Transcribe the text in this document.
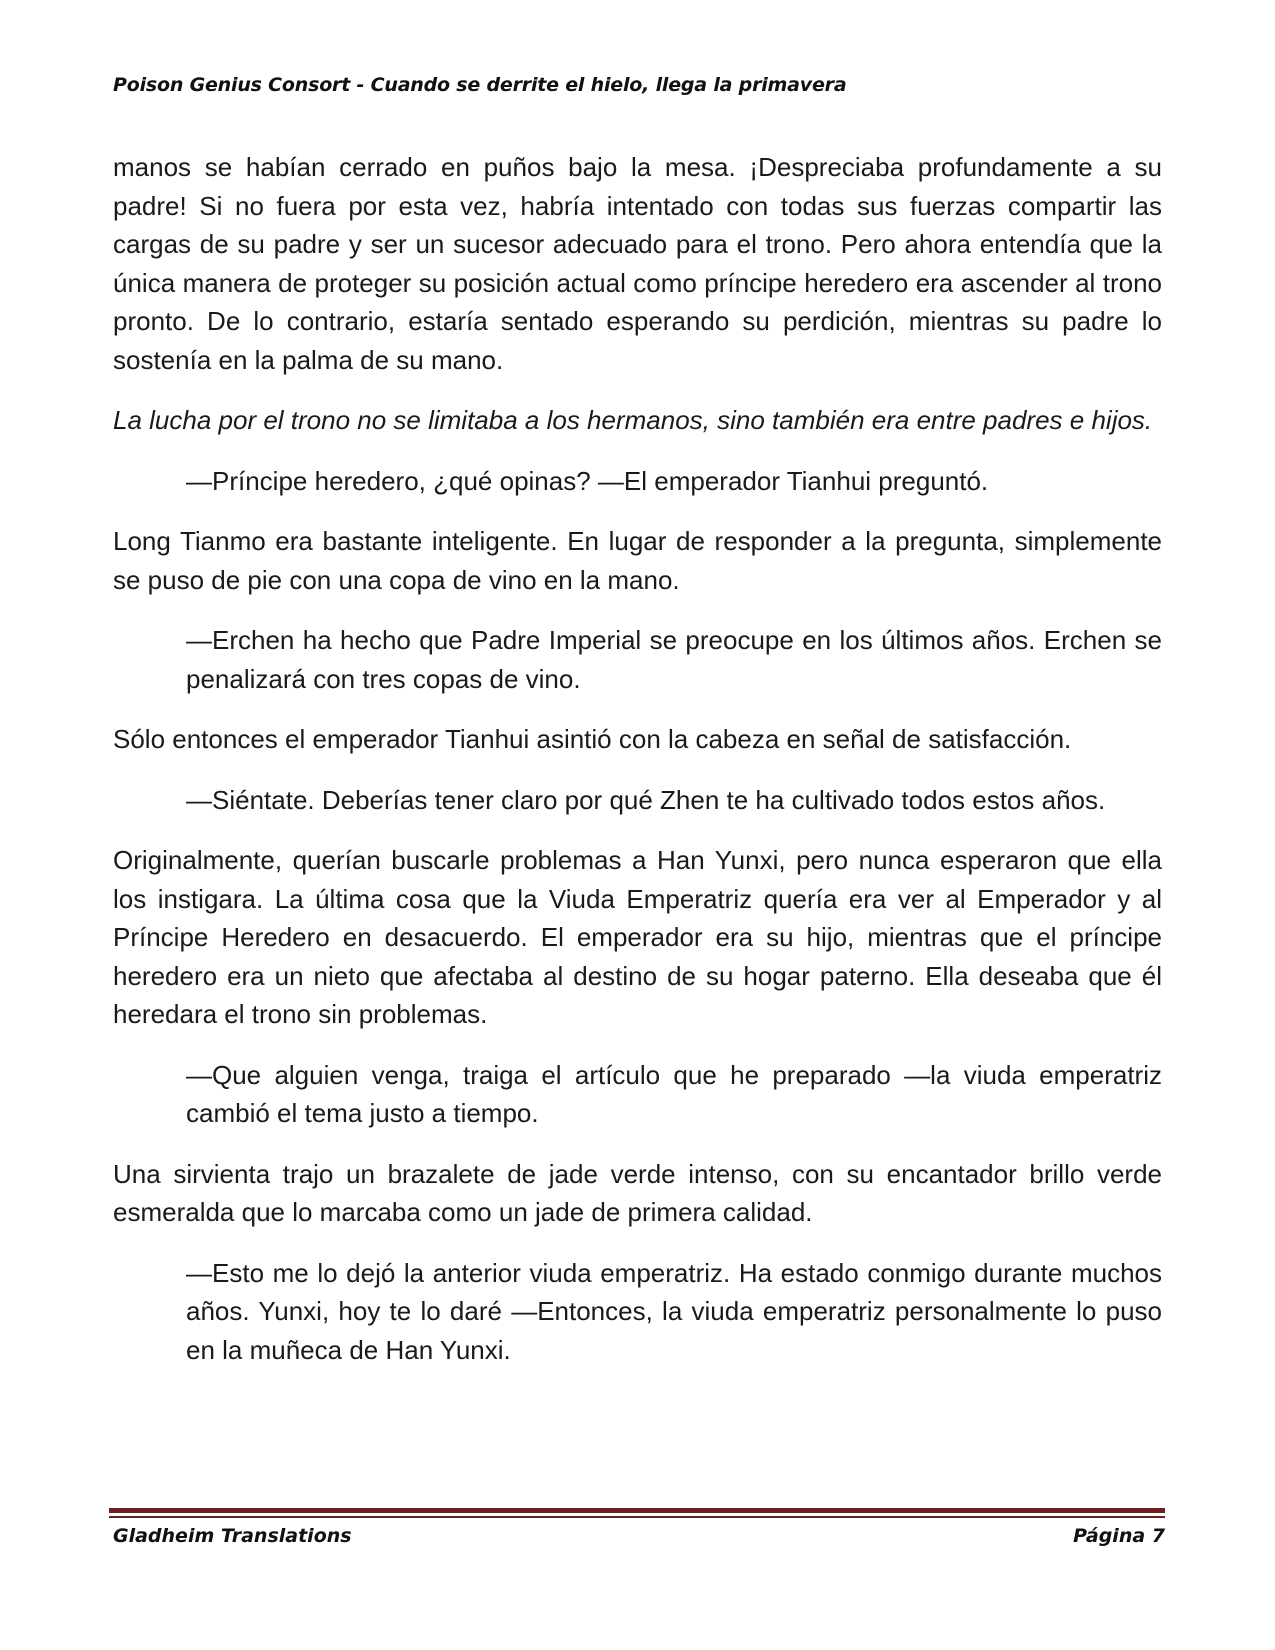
Poison Genius Consort - Cuando se derrite el hielo, llega la primavera

manos se habían cerrado en puños bajo la mesa. ¡Despreciaba profundamente a su padre! Si no fuera por esta vez, habría intentado con todas sus fuerzas compartir las cargas de su padre y ser un sucesor adecuado para el trono. Pero ahora entendía que la única manera de proteger su posición actual como príncipe heredero era ascender al trono pronto. De lo contrario, estaría sentado esperando su perdición, mientras su padre lo sostenía en la palma de su mano.

La lucha por el trono no se limitaba a los hermanos, sino también era entre padres e hijos.

—Príncipe heredero, ¿qué opinas? —El emperador Tianhui preguntó.

Long Tianmo era bastante inteligente. En lugar de responder a la pregunta, simplemente se puso de pie con una copa de vino en la mano.

—Erchen ha hecho que Padre Imperial se preocupe en los últimos años. Erchen se penalizará con tres copas de vino.

Sólo entonces el emperador Tianhui asintió con la cabeza en señal de satisfacción.

—Siéntate. Deberías tener claro por qué Zhen te ha cultivado todos estos años.

Originalmente, querían buscarle problemas a Han Yunxi, pero nunca esperaron que ella los instigara. La última cosa que la Viuda Emperatriz quería era ver al Emperador y al Príncipe Heredero en desacuerdo. El emperador era su hijo, mientras que el príncipe heredero era un nieto que afectaba al destino de su hogar paterno. Ella deseaba que él heredara el trono sin problemas.

—Que alguien venga, traiga el artículo que he preparado —la viuda emperatriz cambió el tema justo a tiempo.

Una sirvienta trajo un brazalete de jade verde intenso, con su encantador brillo verde esmeralda que lo marcaba como un jade de primera calidad.

—Esto me lo dejó la anterior viuda emperatriz. Ha estado conmigo durante muchos años. Yunxi, hoy te lo daré —Entonces, la viuda emperatriz personalmente lo puso en la muñeca de Han Yunxi.

Gladheim Translations	Página 7
